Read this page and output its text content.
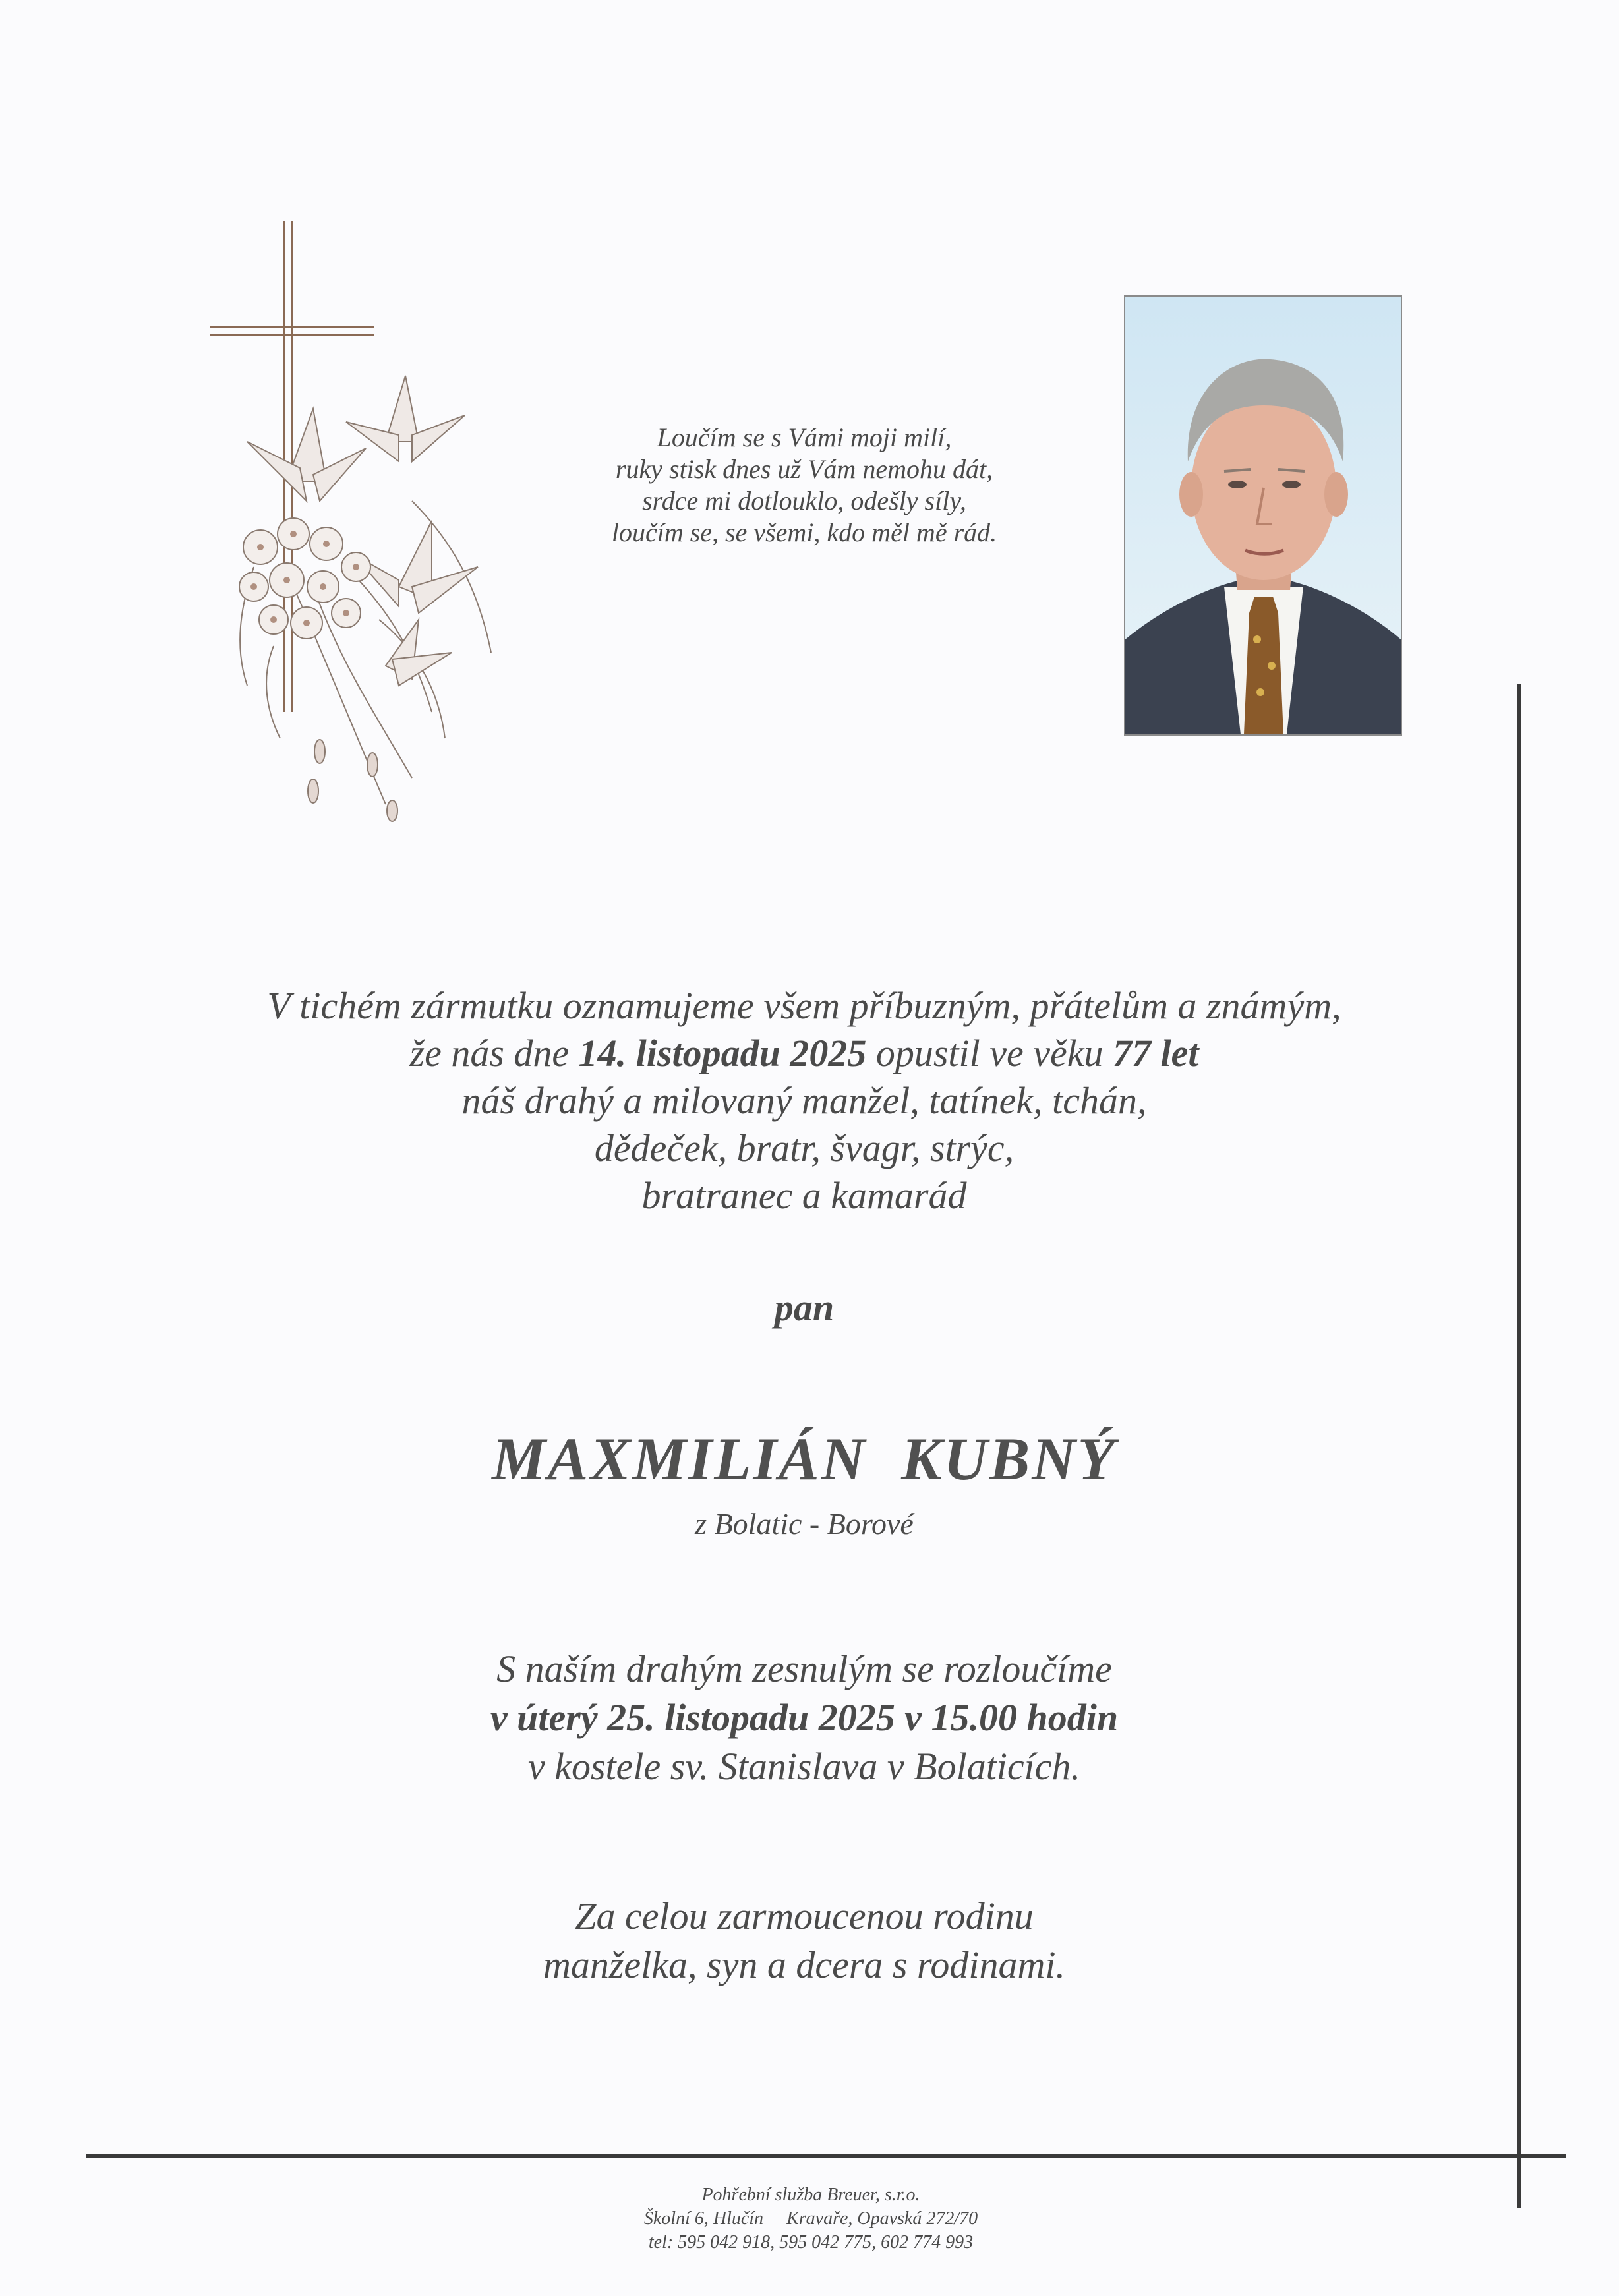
Loučím se s Vámi moji milí,
ruky stisk dnes už Vám nemohu dát,
srdce mi dotlouklo, odešly síly,
loučím se, se všemi, kdo měl mě rád.
V tichém zármutku oznamujeme všem příbuzným, přátelům a známým,
že nás dne 14. listopadu 2025 opustil ve věku 77 let
náš drahý a milovaný manžel, tatínek, tchán,
dědeček, bratr, švagr, strýc,
bratranec a kamarád
pan
MAXMILIÁN  KUBNÝ
z Bolatic - Borové
S naším drahým zesnulým se rozloučíme
v úterý 25. listopadu 2025 v 15.00 hodin
v kostele sv. Stanislava v Bolaticích.
Za celou zarmoucenou rodinu
manželka, syn a dcera s rodinami.
Pohřební služba Breuer, s.r.o.
Školní 6, Hlučín Kravaře, Opavská 272/70
tel: 595 042 918, 595 042 775, 602 774 993
